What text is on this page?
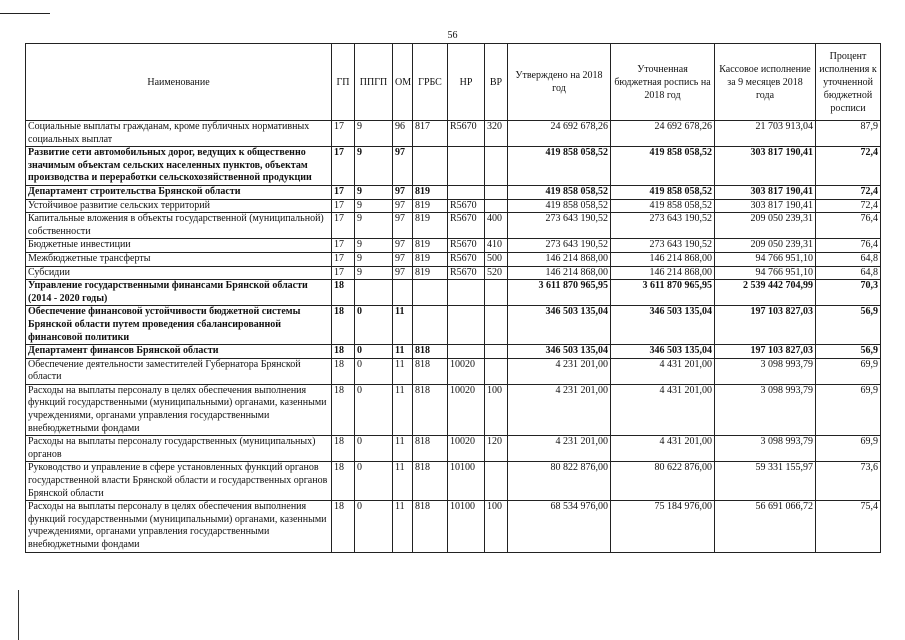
56
Наименование	ГП	ППГП	ОМ	ГРБС	НР	ВР	Утверждено на 2018 год	Уточненная бюджетная роспись на 2018 год	Кассовое исполнение за 9 месяцев 2018 года	Процент исполнения к уточненной бюджетной росписи
Социальные выплаты гражданам, кроме публичных нормативных социальных выплат	17	9	96	817	R5670	320	24 692 678,26	24 692 678,26	21 703 913,04	87,9
Развитие сети автомобильных дорог, ведущих к общественно значимым объектам сельских населенных пунктов, объектам производства и переработки сельскохозяйственной продукции	17	9	97				419 858 058,52	419 858 058,52	303 817 190,41	72,4
Департамент строительства Брянской области	17	9	97	819			419 858 058,52	419 858 058,52	303 817 190,41	72,4
Устойчивое развитие сельских территорий	17	9	97	819	R5670		419 858 058,52	419 858 058,52	303 817 190,41	72,4
Капитальные вложения в объекты государственной (муниципальной) собственности	17	9	97	819	R5670	400	273 643 190,52	273 643 190,52	209 050 239,31	76,4
Бюджетные инвестиции	17	9	97	819	R5670	410	273 643 190,52	273 643 190,52	209 050 239,31	76,4
Межбюджетные трансферты	17	9	97	819	R5670	500	146 214 868,00	146 214 868,00	94 766 951,10	64,8
Субсидии	17	9	97	819	R5670	520	146 214 868,00	146 214 868,00	94 766 951,10	64,8
Управление государственными финансами Брянской области (2014 - 2020 годы)	18						3 611 870 965,95	3 611 870 965,95	2 539 442 704,99	70,3
Обеспечение финансовой устойчивости бюджетной системы Брянской области путем проведения сбалансированной финансовой политики	18	0	11				346 503 135,04	346 503 135,04	197 103 827,03	56,9
Департамент финансов Брянской области	18	0	11	818			346 503 135,04	346 503 135,04	197 103 827,03	56,9
Обеспечение деятельности заместителей Губернатора Брянской области	18	0	11	818	10020		4 231 201,00	4 431 201,00	3 098 993,79	69,9
Расходы на выплаты персоналу в целях обеспечения выполнения функций государственными (муниципальными) органами, казенными учреждениями, органами управления государственными внебюджетными фондами	18	0	11	818	10020	100	4 231 201,00	4 431 201,00	3 098 993,79	69,9
Расходы на выплаты персоналу государственных (муниципальных) органов	18	0	11	818	10020	120	4 231 201,00	4 431 201,00	3 098 993,79	69,9
Руководство и управление в сфере установленных функций органов государственной власти Брянской области и государственных органов Брянской области	18	0	11	818	10100		80 822 876,00	80 622 876,00	59 331 155,97	73,6
Расходы на выплаты персоналу в целях обеспечения выполнения функций государственными (муниципальными) органами, казенными учреждениями, органами управления государственными внебюджетными фондами	18	0	11	818	10100	100	68 534 976,00	75 184 976,00	56 691 066,72	75,4
